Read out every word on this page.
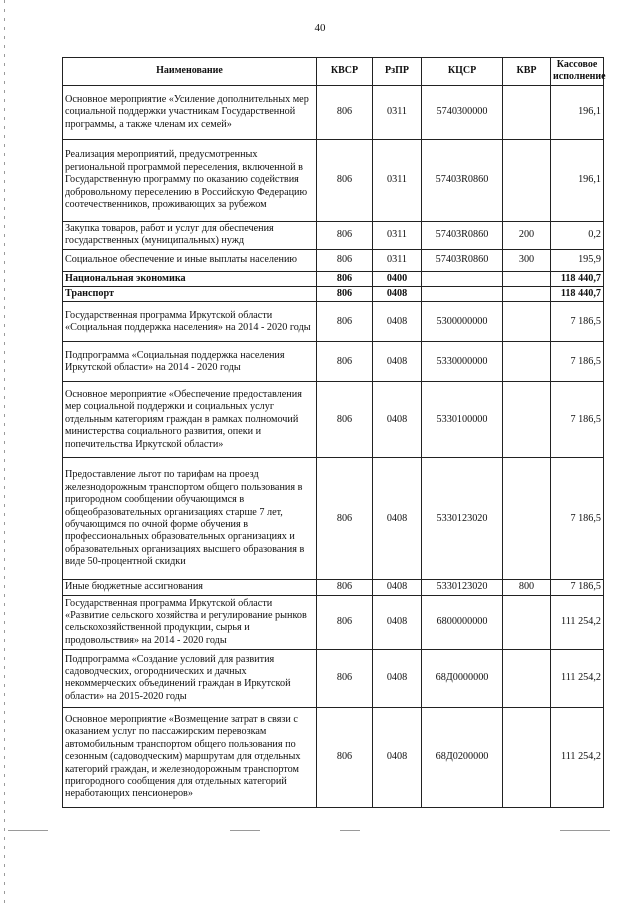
40
Наименование	КВСР	РзПР	КЦСР	КВР	Кассовое исполнение
Основное мероприятие «Усиление дополнительных мер социальной поддержки участникам Государственной программы, а также членам их семей»	806	0311	5740300000		196,1
Реализация мероприятий, предусмотренных региональной программой переселения, включенной в Государственную программу по оказанию содействия добровольному переселению в Российскую Федерацию соотечественников, проживающих за рубежом	806	0311	57403R0860		196,1
Закупка товаров, работ и услуг для обеспечения государственных (муниципальных) нужд	806	0311	57403R0860	200	0,2
Социальное обеспечение и иные выплаты населению	806	0311	57403R0860	300	195,9
Национальная экономика	806	0400			118 440,7
Транспорт	806	0408			118 440,7
Государственная программа Иркутской области «Социальная поддержка населения» на 2014 - 2020 годы	806	0408	5300000000		7 186,5
Подпрограмма «Социальная поддержка населения Иркутской области» на 2014 - 2020 годы	806	0408	5330000000		7 186,5
Основное мероприятие «Обеспечение предоставления мер социальной поддержки и социальных услуг отдельным категориям граждан в рамках полномочий министерства социального развития, опеки и попечительства Иркутской области»	806	0408	5330100000		7 186,5
Предоставление льгот по тарифам на проезд железнодорожным транспортом общего пользования в пригородном сообщении обучающимся в общеобразовательных организациях старше 7 лет, обучающимся по очной форме обучения в профессиональных образовательных организациях и образовательных организациях высшего образования в виде 50-процентной скидки	806	0408	5330123020		7 186,5
Иные бюджетные ассигнования	806	0408	5330123020	800	7 186,5
Государственная программа Иркутской области «Развитие сельского хозяйства и регулирование рынков сельскохозяйственной продукции, сырья и продовольствия» на 2014 - 2020 годы	806	0408	6800000000		111 254,2
Подпрограмма «Создание условий для развития садоводческих, огороднических и дачных некоммерческих объединений граждан в Иркутской области» на 2015-2020 годы	806	0408	68Д0000000		111 254,2
Основное мероприятие «Возмещение затрат в связи с оказанием услуг по пассажирским перевозкам автомобильным транспортом общего пользования по сезонным (садоводческим) маршрутам для отдельных категорий граждан, и железнодорожным транспортом пригородного сообщения для отдельных категорий неработающих пенсионеров»	806	0408	68Д0200000		111 254,2
